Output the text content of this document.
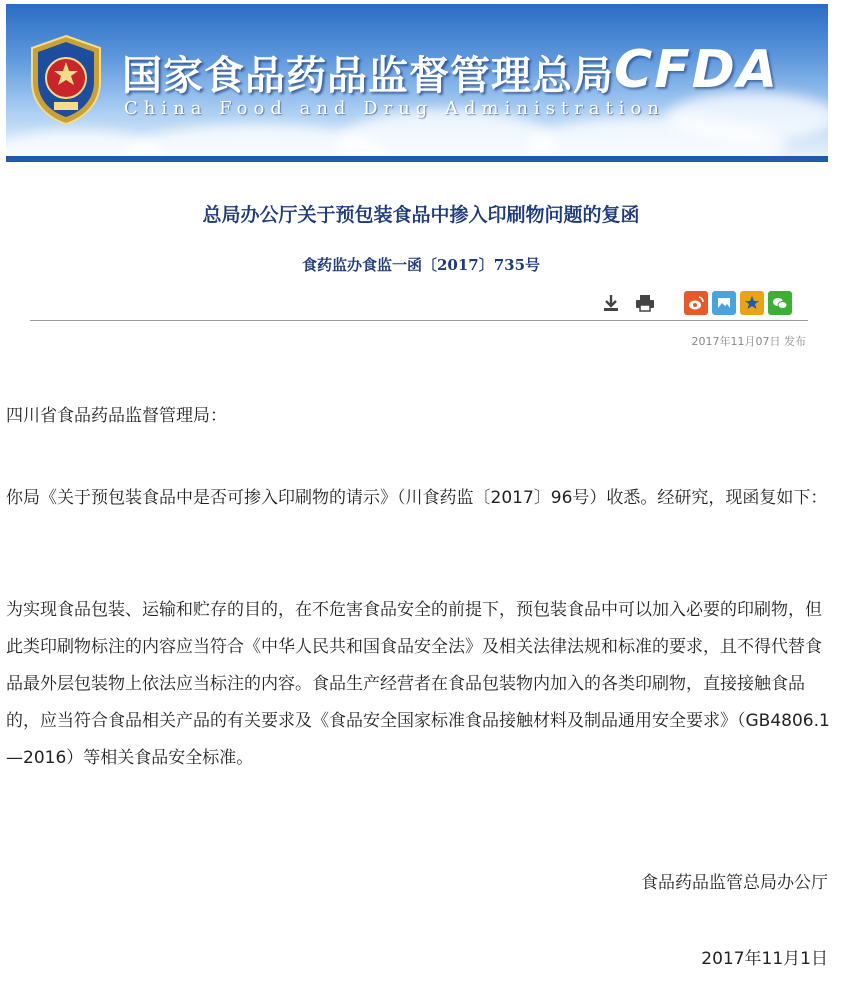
国家食品药品监督管理总局
China Food and Drug Administration
CFDA
总局办公厅关于预包装食品中掺入印刷物问题的复函
食药监办食监一函〔2017〕735号
2017年11月07日 发布

四川省食品药品监督管理局：

你局《关于预包装食品中是否可掺入印刷物的请示》（川食药监〔2017〕96号）收悉。经研究，现函复如下：

为实现食品包装、运输和贮存的目的，在不危害食品安全的前提下，预包装食品中可以加入必要的印刷物，但此类印刷物标注的内容应当符合《中华人民共和国食品安全法》及相关法律法规和标准的要求，且不得代替食品最外层包装物上依法应当标注的内容。食品生产经营者在食品包装物内加入的各类印刷物，直接接触食品的，应当符合食品相关产品的有关要求及《食品安全国家标准食品接触材料及制品通用安全要求》（GB4806.1—2016）等相关食品安全标准。

食品药品监管总局办公厅
2017年11月1日
